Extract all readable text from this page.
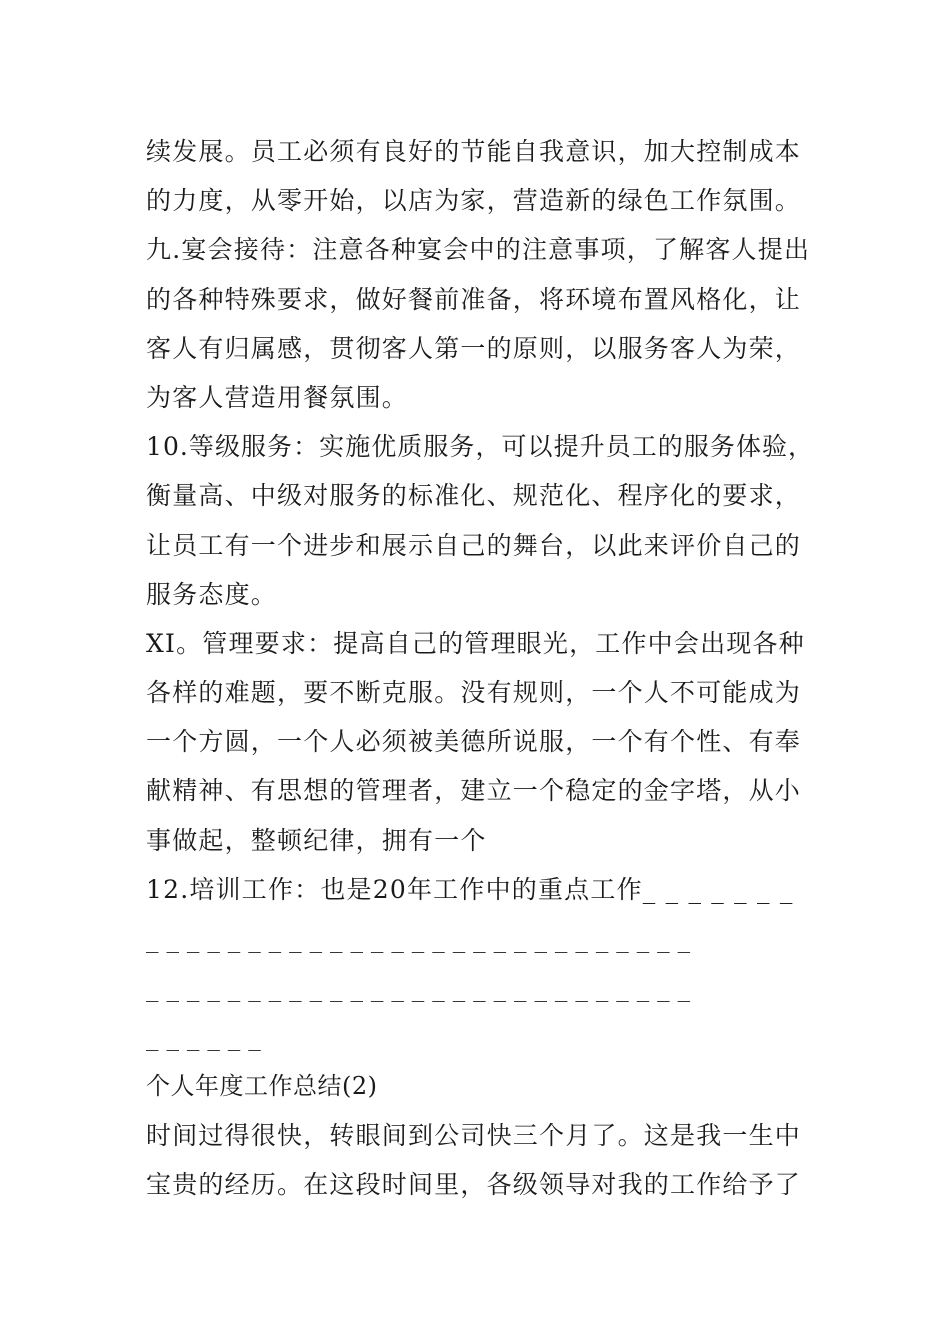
续发展。员工必须有良好的节能自我意识，加大控制成本
的力度，从零开始，以店为家，营造新的绿色工作氛围。
九.宴会接待：注意各种宴会中的注意事项，了解客人提出
的各种特殊要求，做好餐前准备，将环境布置风格化，让
客人有归属感，贯彻客人第一的原则，以服务客人为荣，
为客人营造用餐氛围。
10.等级服务：实施优质服务，可以提升员工的服务体验，
衡量高、中级对服务的标准化、规范化、程序化的要求，
让员工有一个进步和展示自己的舞台，以此来评价自己的
服务态度。
XI。管理要求：提高自己的管理眼光，工作中会出现各种
各样的难题，要不断克服。没有规则，一个人不可能成为
一个方圆，一个人必须被美德所说服，一个有个性、有奉
献精神、有思想的管理者，建立一个稳定的金字塔，从小
事做起，整顿纪律，拥有一个
12.培训工作：也是20年工作中的重点工作_ _ _ _ _ _ _
_ _ _ _ _ _ _ _ _ _ _ _ _ _ _ _ _ _ _ _ _ _ _ _ _ _ _
_ _ _ _ _ _ _ _ _ _ _ _ _ _ _ _ _ _ _ _ _ _ _ _ _ _ _
_ _ _ _ _ _
个人年度工作总结(2)
时间过得很快，转眼间到公司快三个月了。这是我一生中
宝贵的经历。在这段时间里，各级领导对我的工作给予了
